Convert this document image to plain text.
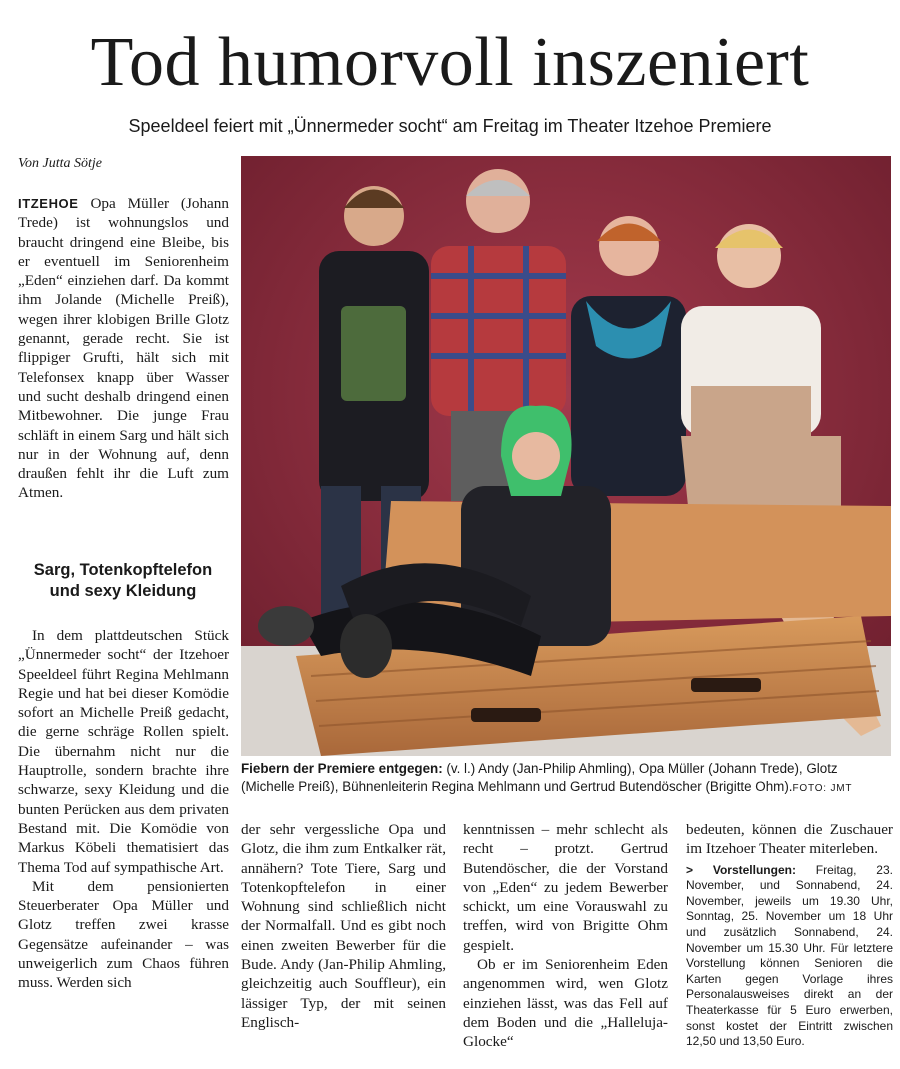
Tod humorvoll inszeniert
Speeldeel feiert mit „Ünnermeder socht“ am Freitag im Theater Itzehoe Premiere
Von Jutta Sötje

ITZEHOE Opa Müller (Johann Trede) ist wohnungslos und braucht dringend eine Bleibe, bis er eventuell im Seniorenheim „Eden“ einziehen darf. Da kommt ihm Jolande (Michelle Preiß), wegen ihrer klobigen Brille Glotz genannt, gerade recht. Sie ist flippiger Grufti, hält sich mit Telefonsex knapp über Wasser und sucht deshalb dringend einen Mitbewohner. Die junge Frau schläft in einem Sarg und hält sich nur in der Wohnung auf, denn draußen fehlt ihr die Luft zum Atmen.

Sarg, Totenkopftelefon und sexy Kleidung

In dem plattdeutschen Stück „Ünnermeder socht“ der Itzehoer Speeldeel führt Regina Mehlmann Regie und hat bei dieser Komödie sofort an Michelle Preiß gedacht, die gerne schräge Rollen spielt. Die übernahm nicht nur die Hauptrolle, sondern brachte ihre schwarze, sexy Kleidung und die bunten Perücken aus dem privaten Bestand mit. Die Komödie von Markus Köbeli thematisiert das Thema Tod auf sympathische Art.

Mit dem pensionierten Steuerberater Opa Müller und Glotz treffen zwei krasse Gegensätze aufeinander – was unweigerlich zum Chaos führen muss. Werden sich

Fiebern der Premiere entgegen: (v. l.) Andy (Jan-Philip Ahmling), Opa Müller (Johann Trede), Glotz (Michelle Preiß), Bühnenleiterin Regina Mehlmann und Gertrud Butendöscher (Brigitte Ohm).FOTO: JMT

der sehr vergessliche Opa und Glotz, die ihm zum Entkalker rät, annähern? Tote Tiere, Sarg und Totenkopftelefon in einer Wohnung sind schließlich nicht der Normalfall. Und es gibt noch einen zweiten Bewerber für die Bude. Andy (Jan-Philip Ahmling, gleichzeitig auch Souffleur), ein lässiger Typ, der mit seinen Englisch-

kenntnissen – mehr schlecht als recht – protzt. Gertrud Butendöscher, die der Vorstand von „Eden“ zu jedem Bewerber schickt, um eine Vorauswahl zu treffen, wird von Brigitte Ohm gespielt.

Ob er im Seniorenheim Eden angenommen wird, wen Glotz einziehen lässt, was das Fell auf dem Boden und die „Halleluja-Glocke“

bedeuten, können die Zuschauer im Itzehoer Theater miterleben.

> Vorstellungen: Freitag, 23. November, und Sonnabend, 24. November, jeweils um 19.30 Uhr, Sonntag, 25. November um 18 Uhr und zusätzlich Sonnabend, 24. November um 15.30 Uhr. Für letztere Vorstellung können Senioren die Karten gegen Vorlage ihres Personalausweises direkt an der Theaterkasse für 5 Euro erwerben, sonst kostet der Eintritt zwischen 12,50 und 13,50 Euro.
